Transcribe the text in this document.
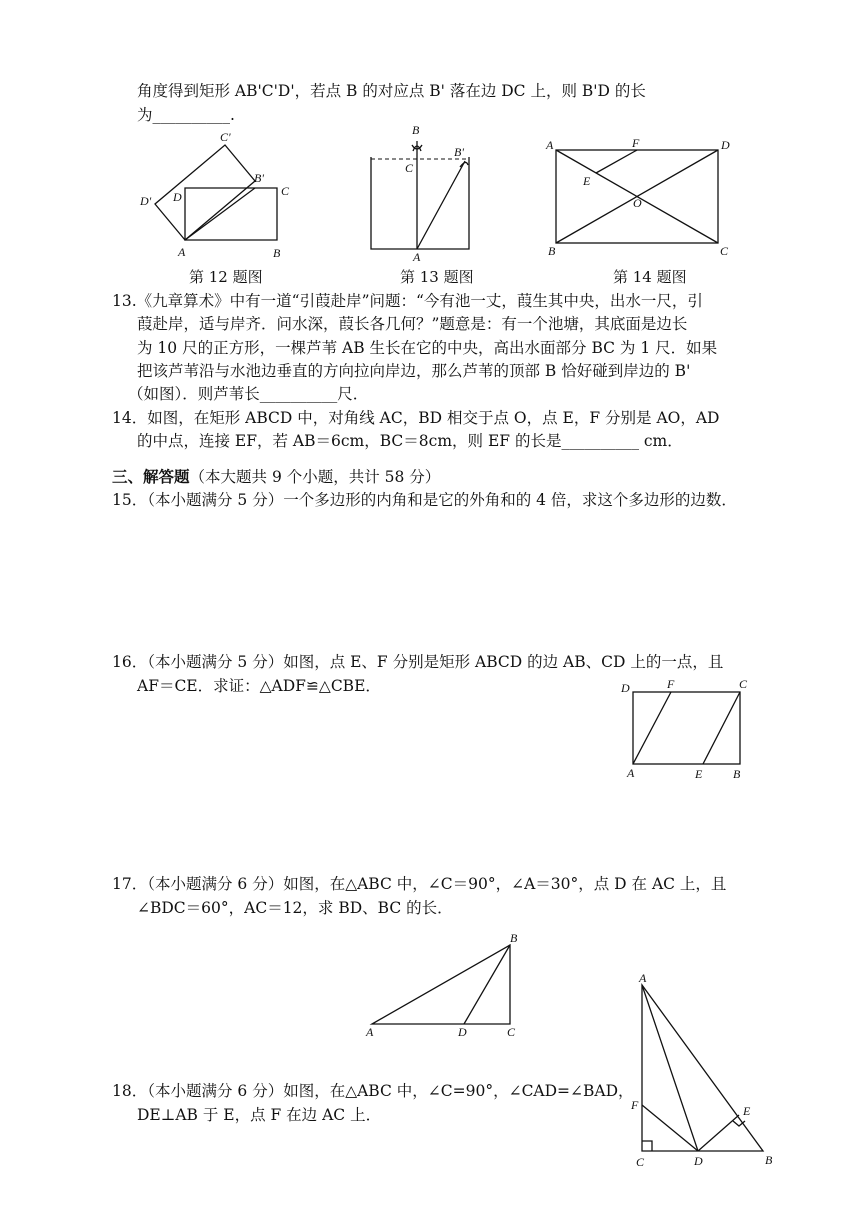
角度得到矩形 AB'C'D'，若点 B 的对应点 B' 落在边 DC 上，则 B'D 的长
为__________.
C'
D' D
B'
C
A	B
第 12 题图
B
C
B'
A
第 13 题图
A	F	D
E
O
B	C
第 14 题图
13.《九章算术》中有一道“引葭赴岸”问题：“今有池一丈，葭生其中央，出水一尺，引
葭赴岸，适与岸齐．问水深，葭长各几何？”题意是：有一个池塘，其底面是边长
为 10 尺的正方形，一棵芦苇 AB 生长在它的中央，高出水面部分 BC 为 1 尺．如果
把该芦苇沿与水池边垂直的方向拉向岸边，那么芦苇的顶部 B 恰好碰到岸边的 B'
（如图）．则芦苇长__________尺．
14．如图，在矩形 ABCD 中，对角线 AC，BD 相交于点 O，点 E，F 分别是 AO，AD
的中点，连接 EF，若 AB＝6cm，BC＝8cm，则 EF 的长是__________ cm．
三、解答题（本大题共 9 个小题，共计 58 分）
15．（本小题满分 5 分）一个多边形的内角和是它的外角和的 4 倍，求这个多边形的边数．
16．（本小题满分 5 分）如图，点 E、F 分别是矩形 ABCD 的边 AB、CD 上的一点，且
AF＝CE．求证：△ADF≌△CBE．	D	F	C
A	E	B
17．（本小题满分 6 分）如图，在△ABC 中，∠C＝90°，∠A＝30°，点 D 在 AC 上，且
∠BDC＝60°，AC＝12，求 BD、BC 的长．
B
A	D	C
18．（本小题满分 6 分）如图，在△ABC 中，∠C=90°，∠CAD=∠BAD，
DE⊥AB 于 E，点 F 在边 AC 上．
A
F	E
C	D	B
